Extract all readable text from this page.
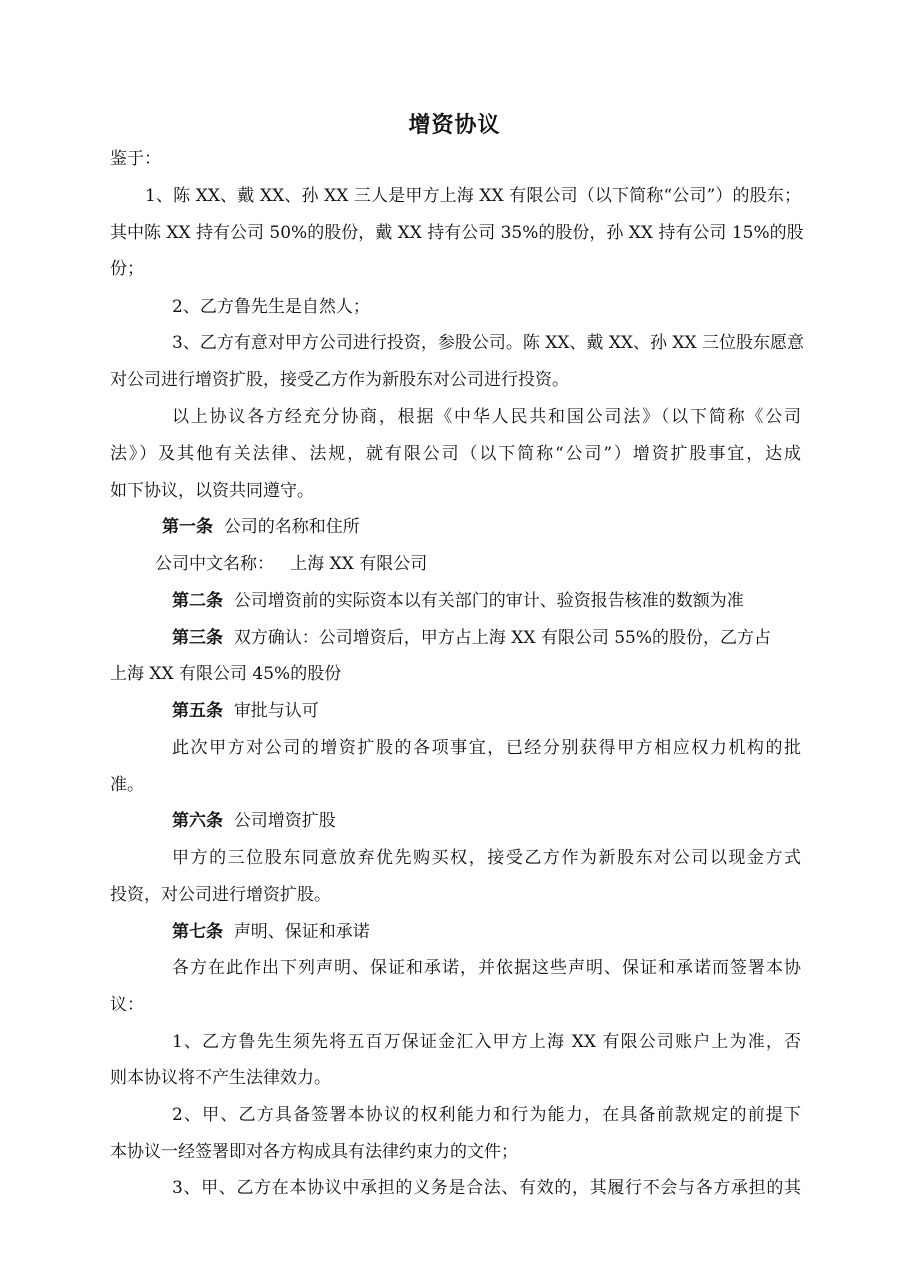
增资协议
鉴于：
1、陈 XX、戴 XX、孙 XX 三人是甲方上海 XX 有限公司（以下简称“公司”）的股东；
其中陈 XX 持有公司 50%的股份，戴 XX 持有公司 35%的股份，孙 XX 持有公司 15%的股
份；
2、乙方鲁先生是自然人；
3、乙方有意对甲方公司进行投资，参股公司。陈 XX、戴 XX、孙 XX 三位股东愿意
对公司进行增资扩股，接受乙方作为新股东对公司进行投资。
以上协议各方经充分协商，根据《中华人民共和国公司法》（以下简称《公司
法》）及其他有关法律、法规，就有限公司（以下简称“公司”）增资扩股事宜，达成
如下协议，以资共同遵守。
第一条 公司的名称和住所
公司中文名称： 上海 XX 有限公司
第二条 公司增资前的实际资本以有关部门的审计、验资报告核准的数额为准
第三条 双方确认：公司增资后，甲方占上海 XX 有限公司 55%的股份，乙方占
上海 XX 有限公司 45%的股份
第五条 审批与认可
此次甲方对公司的增资扩股的各项事宜，已经分别获得甲方相应权力机构的批
准。
第六条 公司增资扩股
甲方的三位股东同意放弃优先购买权，接受乙方作为新股东对公司以现金方式
投资，对公司进行增资扩股。
第七条 声明、保证和承诺
各方在此作出下列声明、保证和承诺，并依据这些声明、保证和承诺而签署本协
议：
1、乙方鲁先生须先将五百万保证金汇入甲方上海 XX 有限公司账户上为准，否
则本协议将不产生法律效力。
2、甲、乙方具备签署本协议的权利能力和行为能力，在具备前款规定的前提下
本协议一经签署即对各方构成具有法律约束力的文件；
3、甲、乙方在本协议中承担的义务是合法、有效的，其履行不会与各方承担的其
